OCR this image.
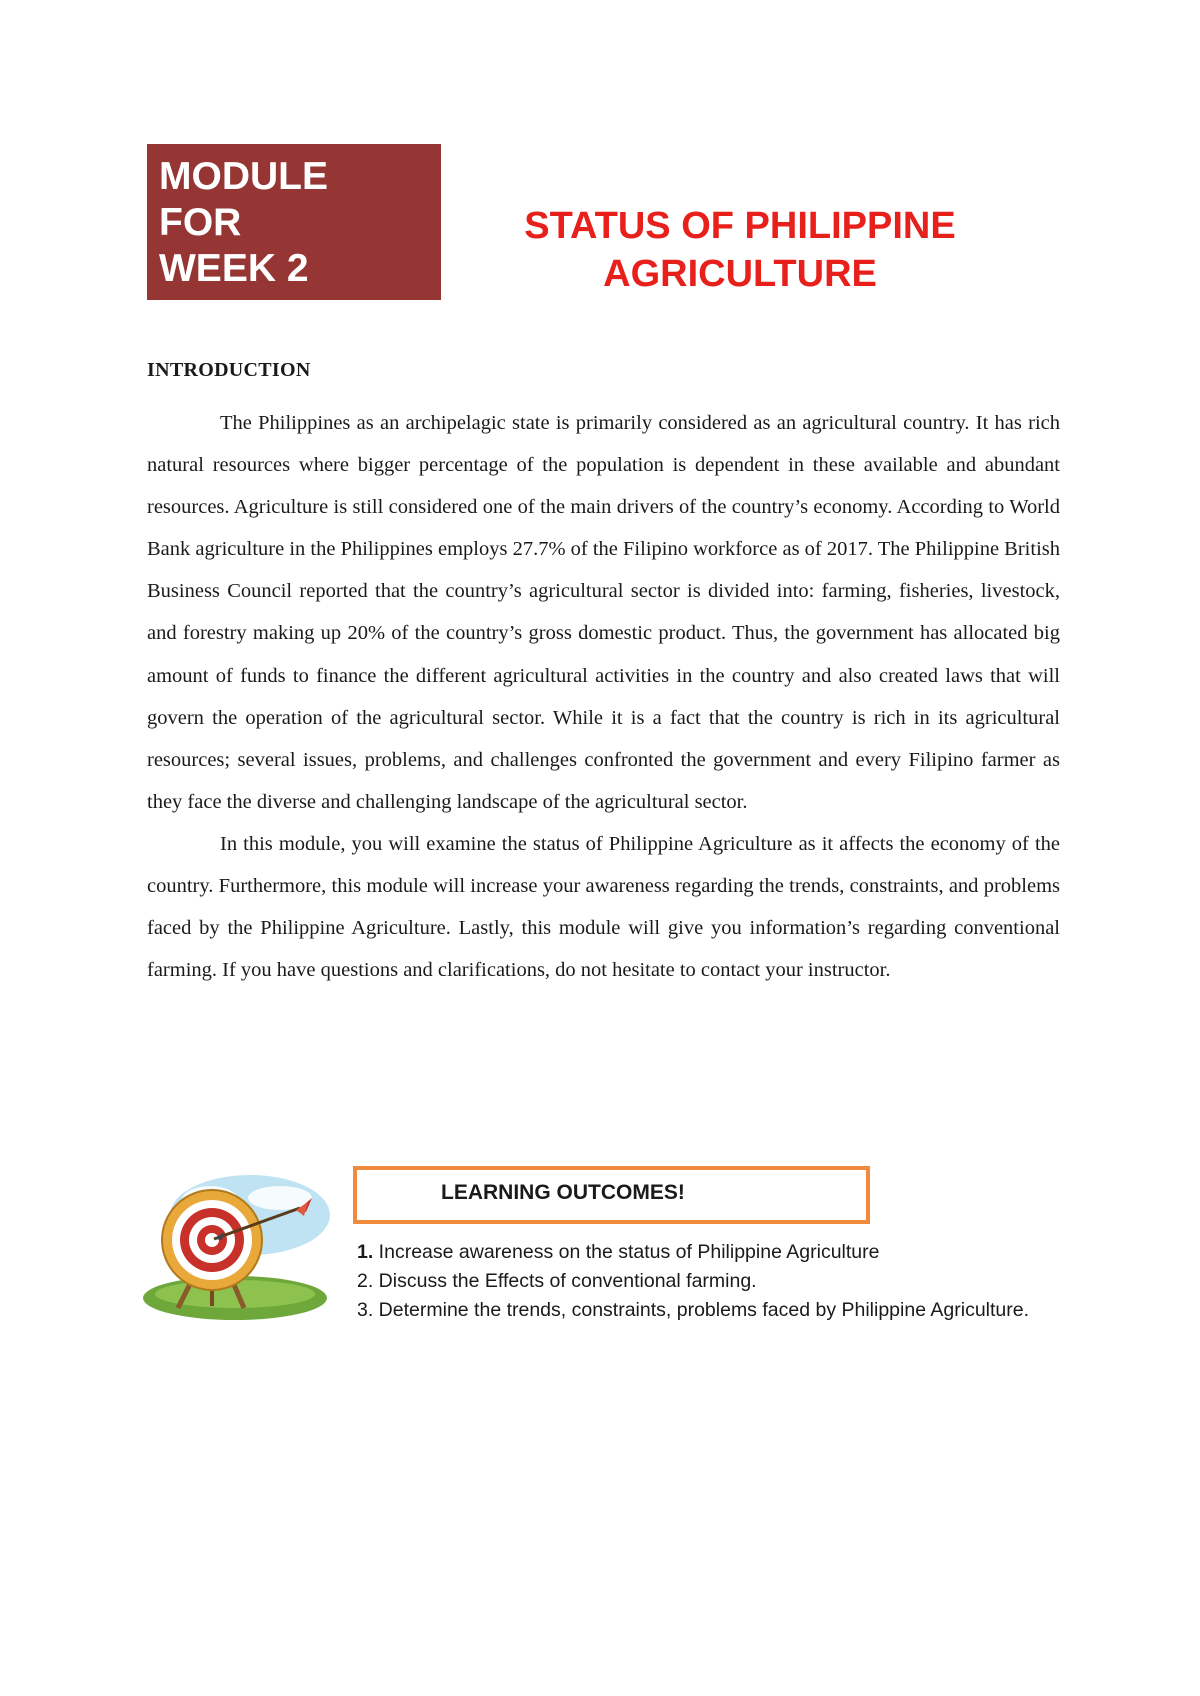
MODULE
FOR
WEEK 2
STATUS OF PHILIPPINE
AGRICULTURE
INTRODUCTION

The Philippines as an archipelagic state is primarily considered as an agricultural country. It has rich natural resources where bigger percentage of the population is dependent in these available and abundant resources. Agriculture is still considered one of the main drivers of the country’s economy. According to World Bank agriculture in the Philippines employs 27.7% of the Filipino workforce as of 2017. The Philippine British Business Council reported that the country’s agricultural sector is divided into: farming, fisheries, livestock, and forestry making up 20% of the country’s gross domestic product. Thus, the government has allocated big amount of funds to finance the different agricultural activities in the country and also created laws that will govern the operation of the agricultural sector. While it is a fact that the country is rich in its agricultural resources; several issues, problems, and challenges confronted the government and every Filipino farmer as they face the diverse and challenging landscape of the agricultural sector.

In this module, you will examine the status of Philippine Agriculture as it affects the economy of the country. Furthermore, this module will increase your awareness regarding the trends, constraints, and problems faced by the Philippine Agriculture. Lastly, this module will give you information’s regarding conventional farming. If you have questions and clarifications, do not hesitate to contact your instructor.

LEARNING OUTCOMES!
1. Increase awareness on the status of Philippine Agriculture
2. Discuss the Effects of conventional farming.
3. Determine the trends, constraints, problems faced by Philippine Agriculture.
